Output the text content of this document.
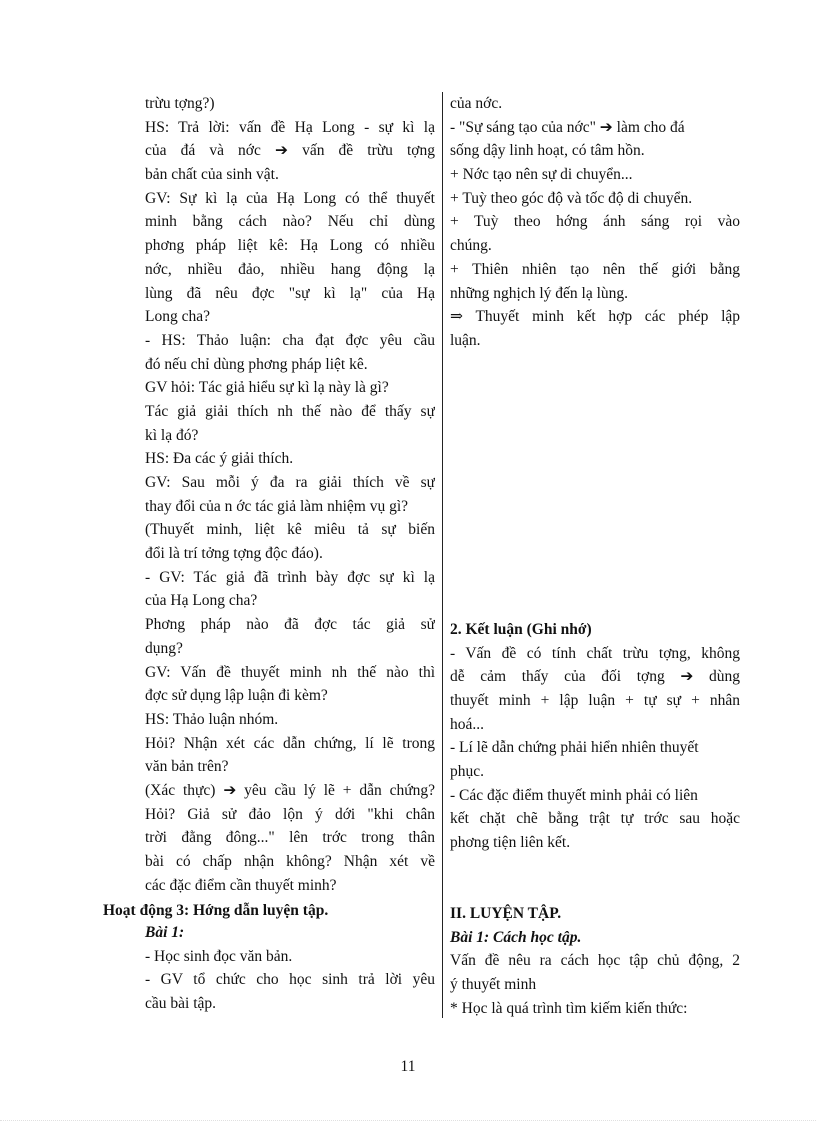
trừu tợng?)
HS: Trả lời: vấn đề Hạ Long - sự kì lạ
của đá và nớc ➔ vấn đề trừu tợng
bản chất của sinh vật.
GV: Sự kì lạ của Hạ Long có thể thuyết
minh bằng cách nào? Nếu chỉ dùng
phơng pháp liệt kê: Hạ Long có nhiều
nớc, nhiều đảo, nhiều hang động lạ
lùng đã nêu đợc "sự kì lạ" của Hạ
Long cha?
- HS: Thảo luận: cha đạt đợc yêu cầu
đó nếu chỉ dùng phơng pháp liệt kê.
GV hỏi: Tác giả hiểu sự kì lạ này là gì?
Tác giả giải thích nh thế nào để thấy sự
kì lạ đó?
HS: Đa các ý giải thích.
GV: Sau mỗi ý đa ra giải thích về sự
thay đổi của n ớc tác giả làm nhiệm vụ gì?
(Thuyết minh, liệt kê miêu tả sự biến
đổi là trí tởng tợng độc đáo).
- GV: Tác giả đã trình bày đợc sự kì lạ
của Hạ Long cha?
Phơng pháp nào đã đợc tác giả sử
dụng?
GV: Vấn đề thuyết minh nh thế nào thì
đợc sử dụng lập luận đi kèm?
HS: Thảo luận nhóm.
Hỏi? Nhận xét các dẫn chứng, lí lẽ trong
văn bản trên?
(Xác thực) ➔ yêu cầu lý lẽ + dẫn chứng?
Hỏi? Giả sử đảo lộn ý dới "khi chân
trời đằng đông..." lên trớc trong thân
bài có chấp nhận không? Nhận xét về
các đặc điểm cần thuyết minh?
Bài 1:
- Học sinh đọc văn bản.
- GV tổ chức cho học sinh trả lời yêu
cầu bài tập.
Hoạt động 3: Hớng dẫn luyện tập.
của nớc.
- "Sự sáng tạo của nớc" ➔ làm cho đá
sống dậy linh hoạt, có tâm hồn.
+ Nớc tạo nên sự di chuyển...
+ Tuỳ theo góc độ và tốc độ di chuyển.
+ Tuỳ theo hớng ánh sáng rọi vào
chúng.
+ Thiên nhiên tạo nên thế giới bằng
những nghịch lý đến lạ lùng.
⇒ Thuyết minh kết hợp các phép lập
luận.
2. Kết luận (Ghi nhớ)
- Vấn đề có tính chất trừu tợng, không
dễ cảm thấy của đối tợng ➔ dùng
thuyết minh + lập luận + tự sự + nhân
hoá...
- Lí lẽ dẫn chứng phải hiển nhiên thuyết
phục.
- Các đặc điểm thuyết minh phải có liên
kết chặt chẽ bằng trật tự trớc sau hoặc
phơng tiện liên kết.
II. LUYỆN TẬP.
Bài 1: Cách học tập.
Vấn đề nêu ra cách học tập chủ động, 2
ý thuyết minh
* Học là quá trình tìm kiếm kiến thức:
11
